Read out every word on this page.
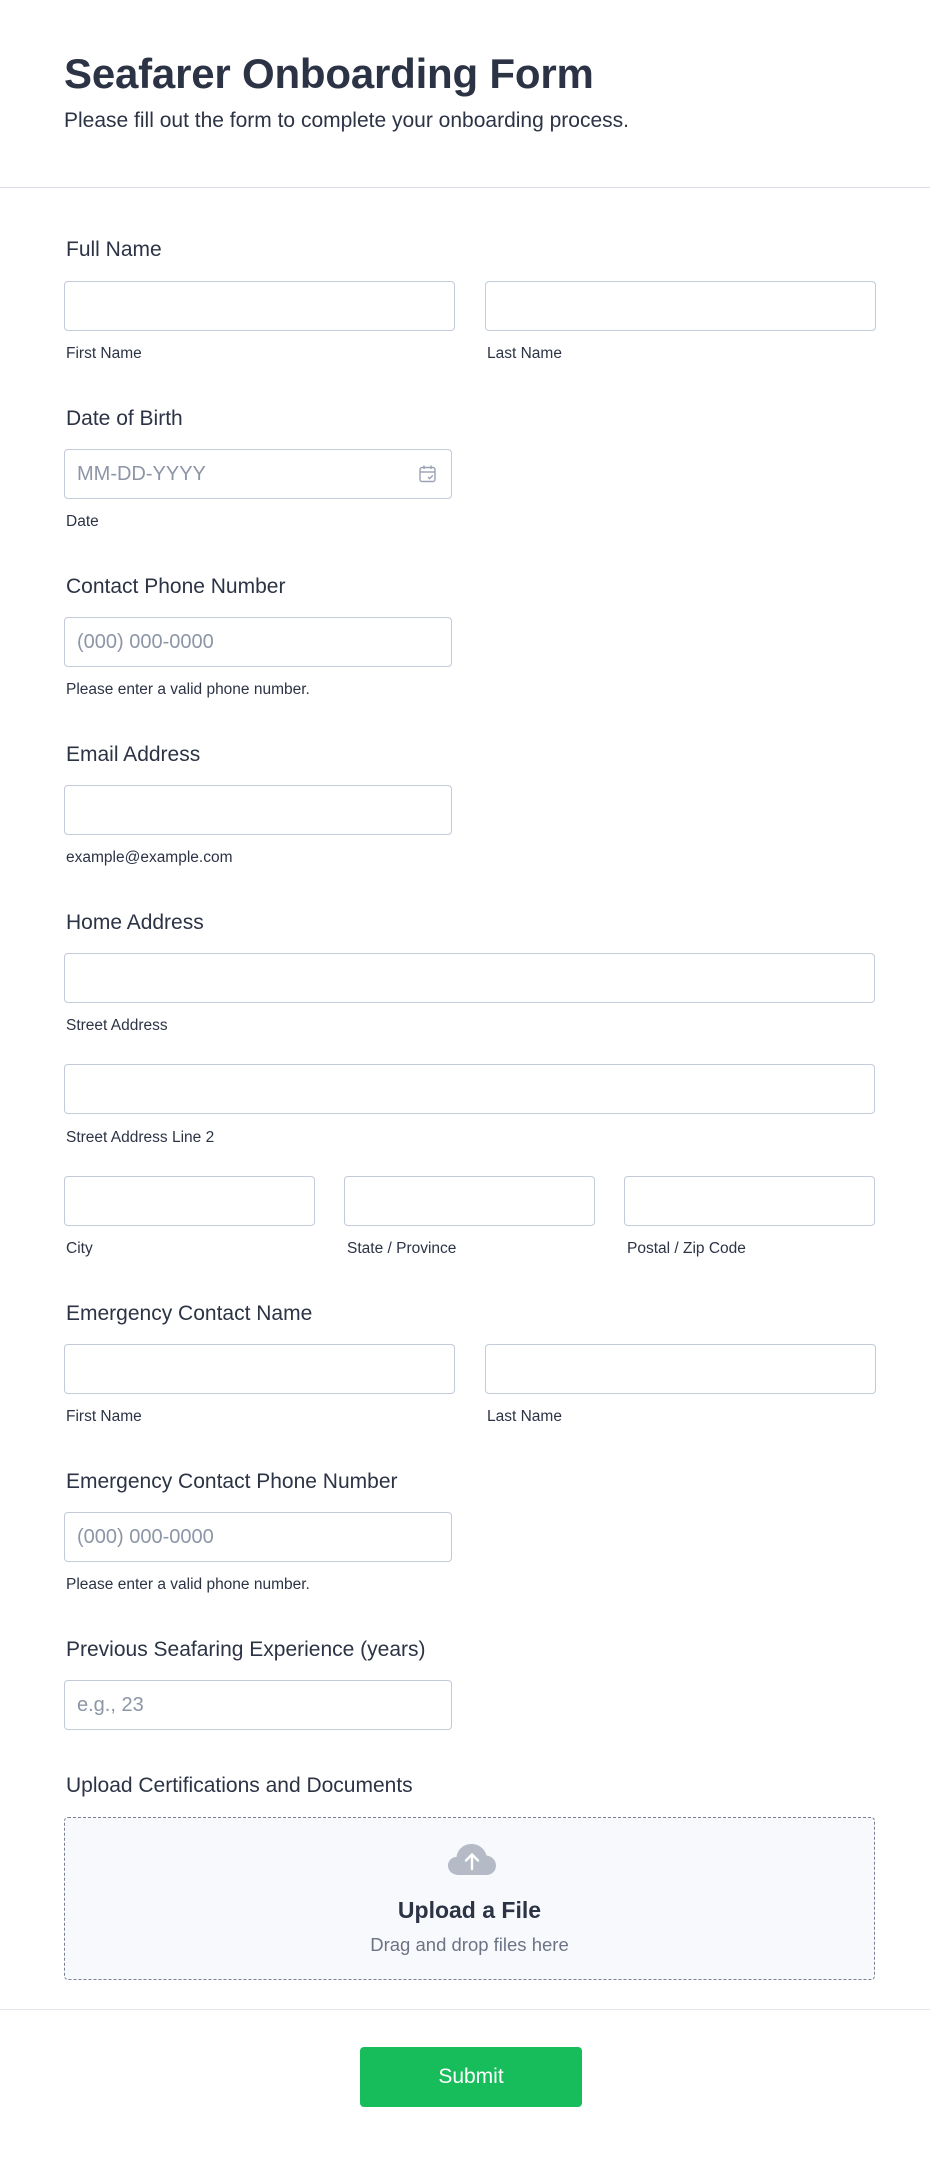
Seafarer Onboarding Form
Please fill out the form to complete your onboarding process.
Full Name
First Name	Last Name
Date of Birth
MM-DD-YYYY
Date
Contact Phone Number
(000) 000-0000
Please enter a valid phone number.
Email Address
example@example.com
Home Address
Street Address
Street Address Line 2
City	State / Province	Postal / Zip Code
Emergency Contact Name
First Name	Last Name
Emergency Contact Phone Number
(000) 000-0000
Please enter a valid phone number.
Previous Seafaring Experience (years)
e.g., 23
Upload Certifications and Documents
Upload a File
Drag and drop files here
Submit
